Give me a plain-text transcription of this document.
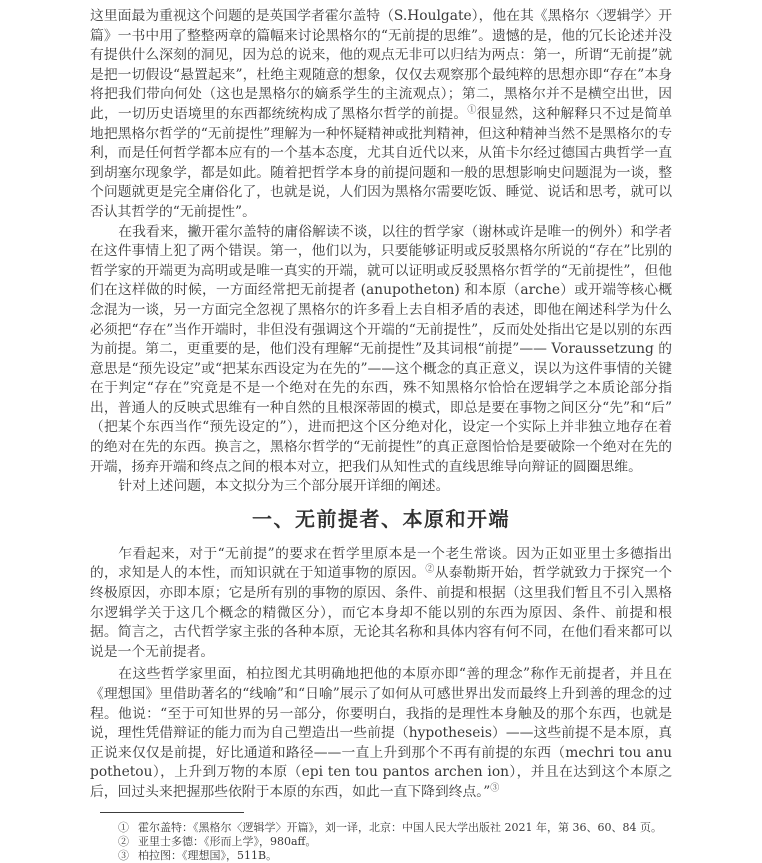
这里面最为重视这个问题的是英国学者霍尔盖特（S.Houlgate），他在其《黑格尔〈逻辑学〉开篇》一书中用了整整两章的篇幅来讨论黑格尔的“无前提的思维”。遗憾的是，他的冗长论述并没有提供什么深刻的洞见，因为总的说来，他的观点无非可以归结为两点：第一，所谓“无前提”就是把一切假设“悬置起来”，杜绝主观随意的想象，仅仅去观察那个最纯粹的思想亦即“存在”本身将把我们带向何处（这也是黑格尔的嫡系学生的主流观点）；第二，黑格尔并不是横空出世，因此，一切历史语境里的东西都统统构成了黑格尔哲学的前提。①很显然，这种解释只不过是简单地把黑格尔哲学的“无前提性”理解为一种怀疑精神或批判精神，但这种精神当然不是黑格尔的专利，而是任何哲学都本应有的一个基本态度，尤其自近代以来，从笛卡尔经过德国古典哲学一直到胡塞尔现象学，都是如此。随着把哲学本身的前提问题和一般的思想影响史问题混为一谈，整个问题就更是完全庸俗化了，也就是说，人们因为黑格尔需要吃饭、睡觉、说话和思考，就可以否认其哲学的“无前提性”。

在我看来，撇开霍尔盖特的庸俗解读不谈，以往的哲学家（谢林或许是唯一的例外）和学者在这件事情上犯了两个错误。第一，他们以为，只要能够证明或反驳黑格尔所说的“存在”比别的哲学家的开端更为高明或是唯一真实的开端，就可以证明或反驳黑格尔哲学的“无前提性”，但他们在这样做的时候，一方面经常把无前提者 (anupotheton) 和本原（arche）或开端等核心概念混为一谈，另一方面完全忽视了黑格尔的许多看上去自相矛盾的表述，即他在阐述科学为什么必须把“存在”当作开端时，非但没有强调这个开端的“无前提性”，反而处处指出它是以别的东西为前提。第二，更重要的是，他们没有理解“无前提性”及其词根“前提”—— Voraussetzung 的意思是“预先设定”或“把某东西设定为在先的”——这个概念的真正意义，误以为这件事情的关键在于判定“存在”究竟是不是一个绝对在先的东西，殊不知黑格尔恰恰在逻辑学之本质论部分指出，普通人的反映式思维有一种自然的且根深蒂固的模式，即总是要在事物之间区分“先”和“后”（把某个东西当作“预先设定的”），进而把这个区分绝对化，设定一个实际上并非独立地存在着的绝对在先的东西。换言之，黑格尔哲学的“无前提性”的真正意图恰恰是要破除一个绝对在先的开端，扬弃开端和终点之间的根本对立，把我们从知性式的直线思维导向辩证的圆圈思维。

针对上述问题，本文拟分为三个部分展开详细的阐述。

一、无前提者、本原和开端

乍看起来，对于“无前提”的要求在哲学里原本是一个老生常谈。因为正如亚里士多德指出的，求知是人的本性，而知识就在于知道事物的原因。②从泰勒斯开始，哲学就致力于探究一个终极原因，亦即本原；它是所有别的事物的原因、条件、前提和根据（这里我们暂且不引入黑格尔逻辑学关于这几个概念的精微区分），而它本身却不能以别的东西为原因、条件、前提和根据。简言之，古代哲学家主张的各种本原，无论其名称和具体内容有何不同，在他们看来都可以说是一个无前提者。

在这些哲学家里面，柏拉图尤其明确地把他的本原亦即“善的理念”称作无前提者，并且在《理想国》里借助著名的“线喻”和“日喻”展示了如何从可感世界出发而最终上升到善的理念的过程。他说：“至于可知世界的另一部分，你要明白，我指的是理性本身触及的那个东西，也就是说，理性凭借辩证的能力而为自己塑造出一些前提（hypotheseis）——这些前提不是本原，真正说来仅仅是前提，好比通道和路径——一直上升到那个不再有前提的东西（mechri tou anupothetou），上升到万物的本原（epi ten tou pantos archen ion），并且在达到这个本原之后，回过头来把握那些依附于本原的东西，如此一直下降到终点。”③

① 霍尔盖特：《黑格尔〈逻辑学〉开篇》，刘一译，北京：中国人民大学出版社 2021 年，第 36、60、84 页。
② 亚里士多德：《形而上学》，980aff。
③ 柏拉图：《理想国》，511B。
